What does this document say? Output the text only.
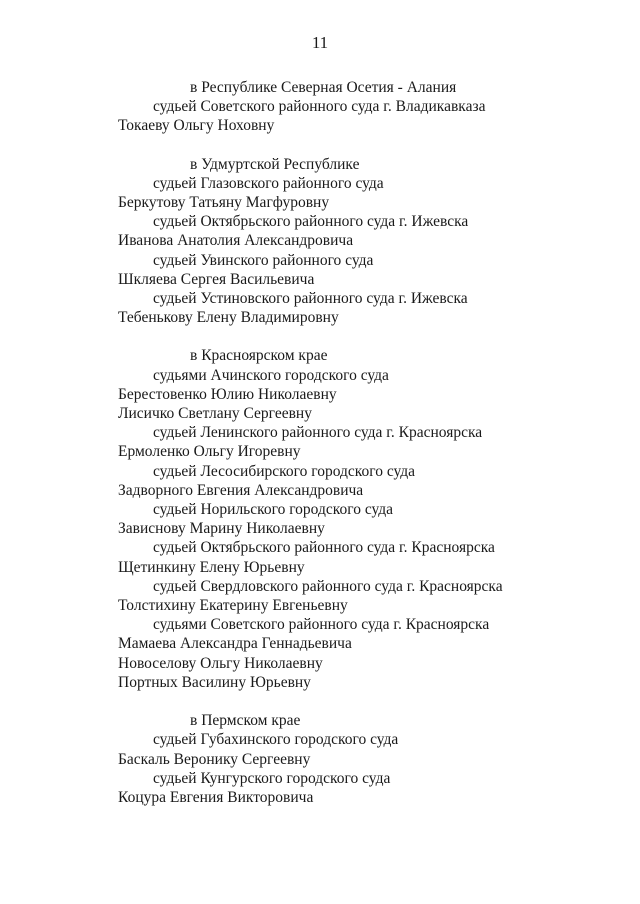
11
в Республике Северная Осетия - Алания
судьей Советского районного суда г. Владикавказа
Токаеву Ольгу Ноховну
в Удмуртской Республике
судьей Глазовского районного суда
Беркутову Татьяну Магфуровну
судьей Октябрьского районного суда г. Ижевска
Иванова Анатолия Александровича
судьей Увинского районного суда
Шкляева Сергея Васильевича
судьей Устиновского районного суда г. Ижевска
Тебенькову Елену Владимировну
в Красноярском крае
судьями Ачинского городского суда
Берестовенко Юлию Николаевну
Лисичко Светлану Сергеевну
судьей Ленинского районного суда г. Красноярска
Ермоленко Ольгу Игоревну
судьей Лесосибирского городского суда
Задворного Евгения Александровича
судьей Норильского городского суда
Зависнову Марину Николаевну
судьей Октябрьского районного суда г. Красноярска
Щетинкину Елену Юрьевну
судьей Свердловского районного суда г. Красноярска
Толстихину Екатерину Евгеньевну
судьями Советского районного суда г. Красноярска
Мамаева Александра Геннадьевича
Новоселову Ольгу Николаевну
Портных Василину Юрьевну
в Пермском крае
судьей Губахинского городского суда
Баскаль Веронику Сергеевну
судьей Кунгурского городского суда
Коцура Евгения Викторовича
